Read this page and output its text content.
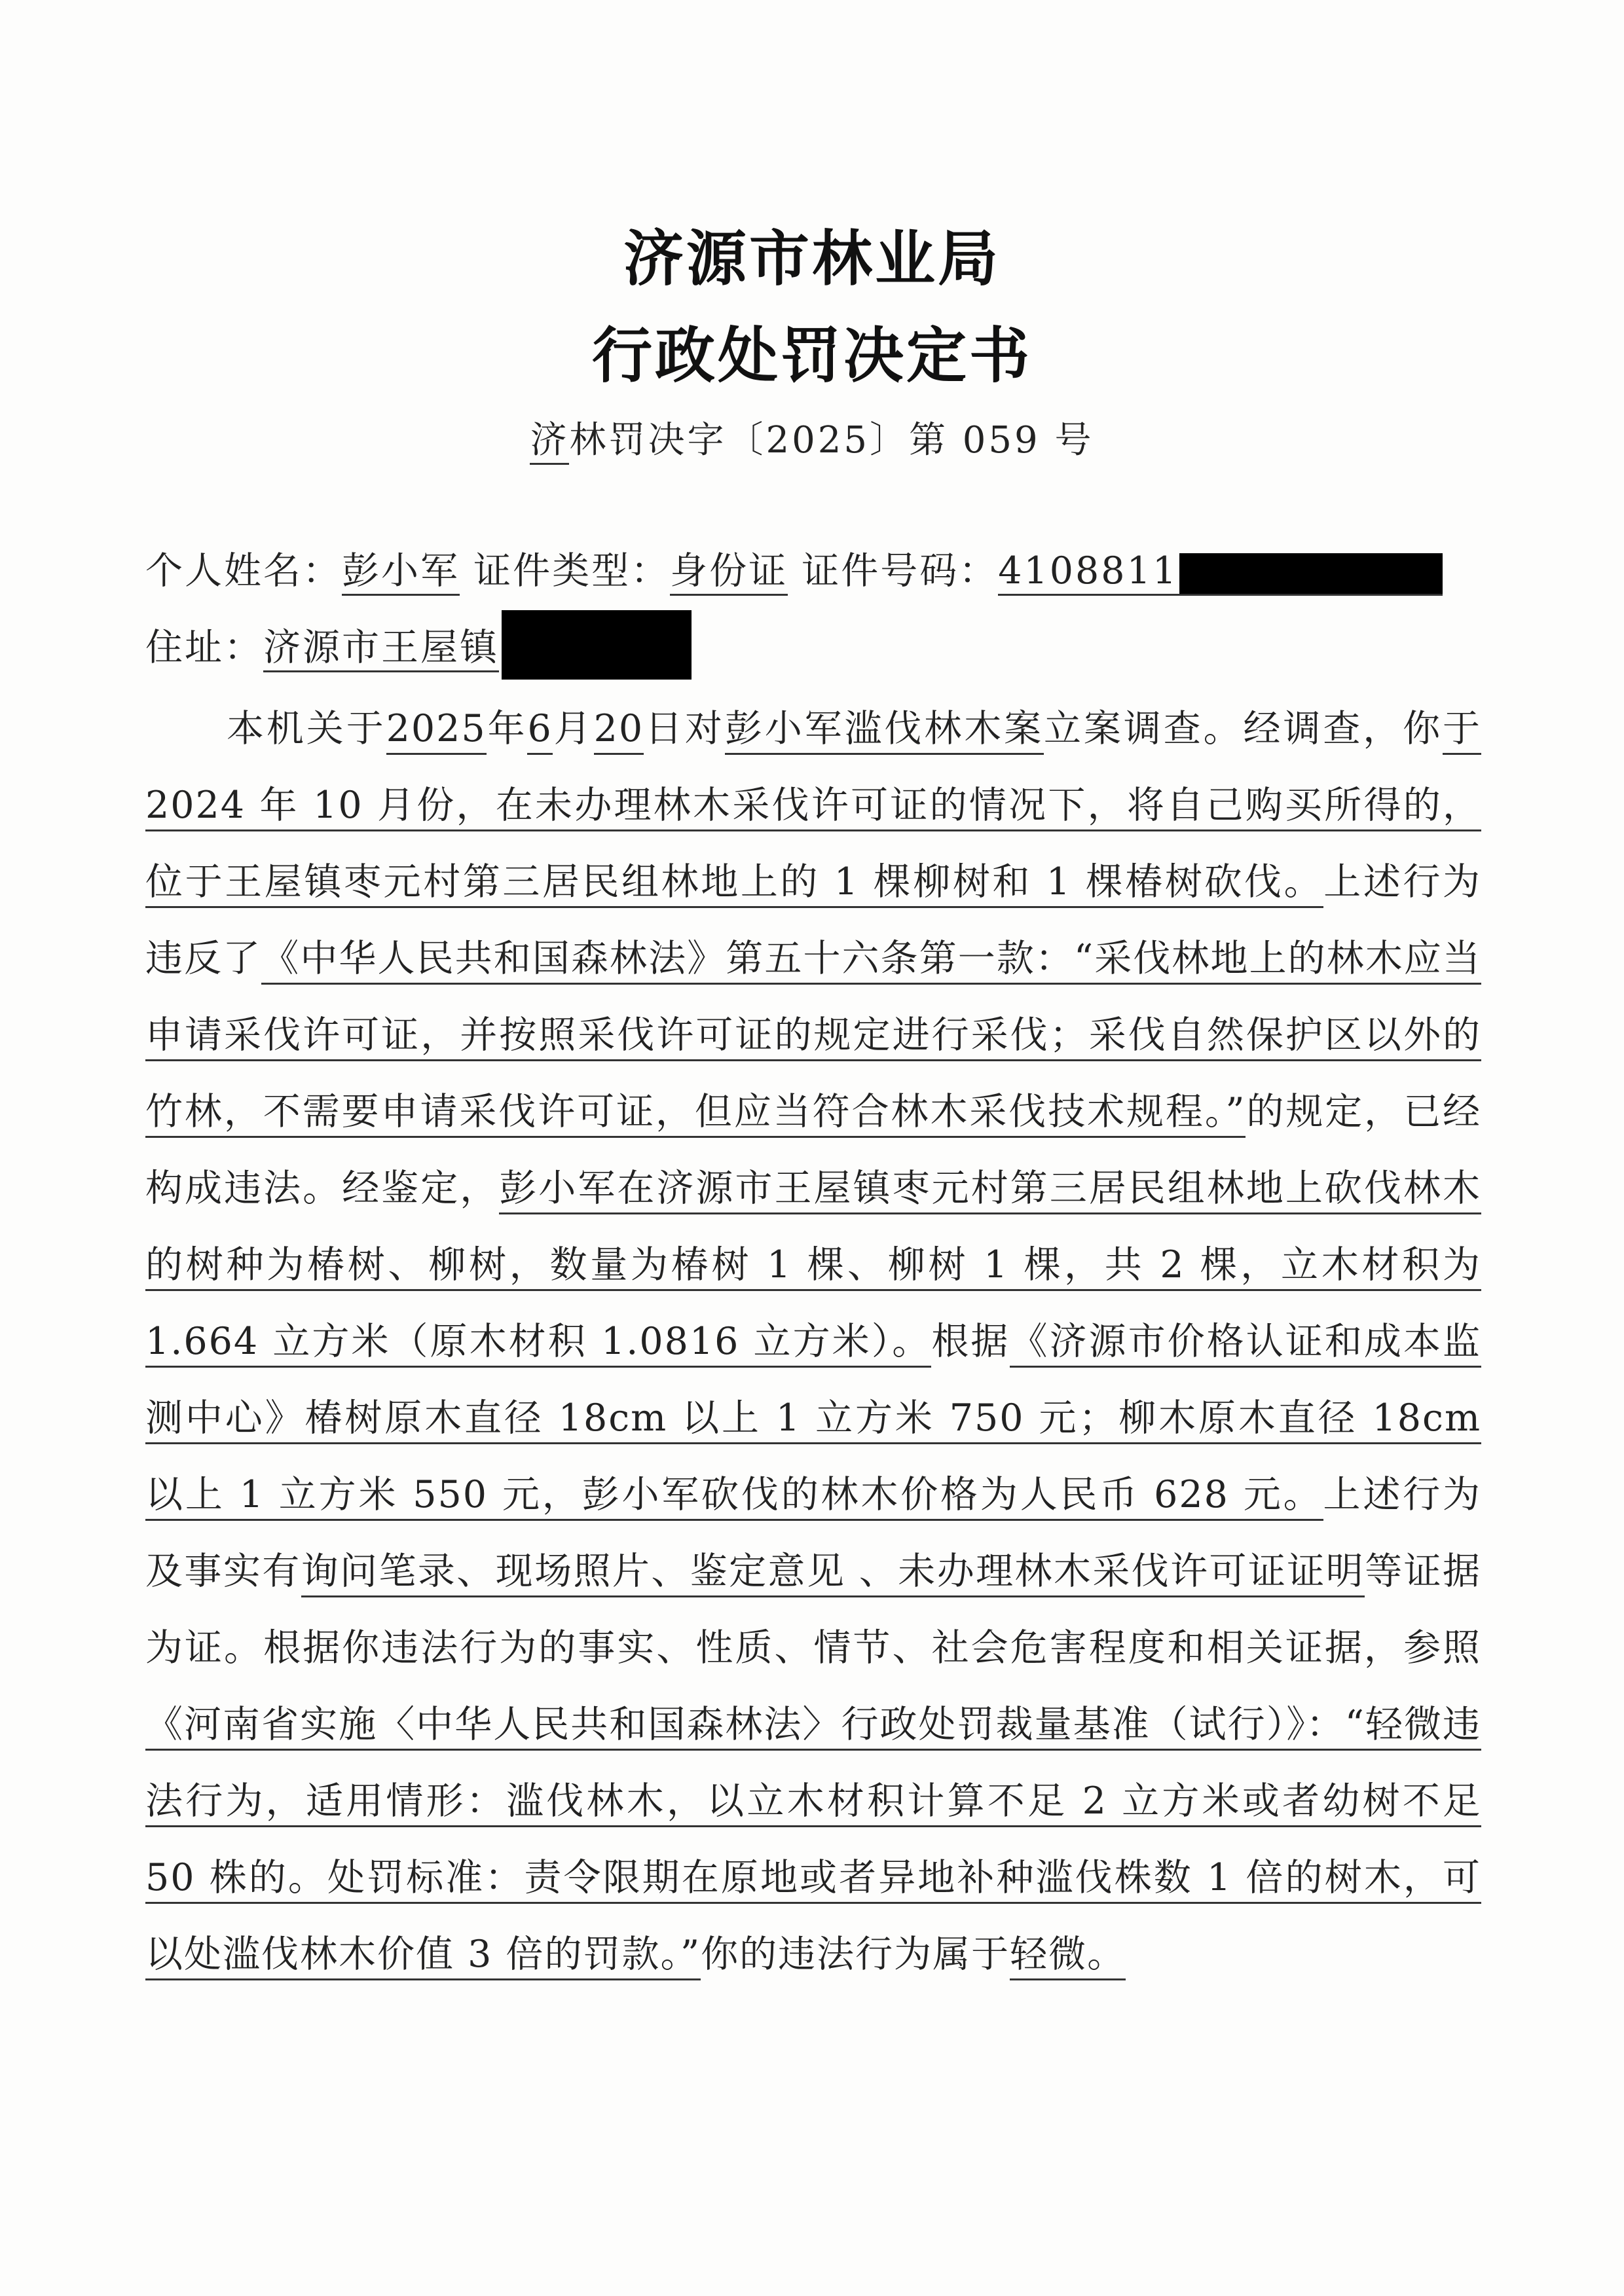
济源市林业局
行政处罚决定书
济林罚决字〔2025〕第 059 号
个人姓名：彭小军 证件类型：身份证 证件号码：4108811
住址：济源市王屋镇

本机关于2025年6月20日对彭小军滥伐林木案立案调查。经调查，你于 2024 年 10 月份，在未办理林木采伐许可证的情况下，将自己购买所得的，位于王屋镇枣元村第三居民组林地上的 1 棵柳树和 1 棵椿树砍伐。上述行为违反了《中华人民共和国森林法》第五十六条第一款：“采伐林地上的林木应当申请采伐许可证，并按照采伐许可证的规定进行采伐；采伐自然保护区以外的竹林，不需要申请采伐许可证，但应当符合林木采伐技术规程。”的规定，已经构成违法。经鉴定，彭小军在济源市王屋镇枣元村第三居民组林地上砍伐林木的树种为椿树、柳树，数量为椿树 1 棵、柳树 1 棵，共 2 棵，立木材积为 1.664 立方米（原木材积 1.0816 立方米）。根据《济源市价格认证和成本监测中心》椿树原木直径 18cm 以上 1 立方米 750 元；柳木原木直径 18cm 以上 1 立方米 550 元，彭小军砍伐的林木价格为人民币 628 元。上述行为及事实有询问笔录、现场照片、鉴定意见 、未办理林木采伐许可证证明等证据为证。根据你违法行为的事实、性质、情节、社会危害程度和相关证据，参照《河南省实施〈中华人民共和国森林法〉行政处罚裁量基准（试行）》：“轻微违法行为，适用情形：滥伐林木，以立木材积计算不足 2 立方米或者幼树不足 50 株的。处罚标准：责令限期在原地或者异地补种滥伐株数 1 倍的树木，可以处滥伐林木价值 3 倍的罚款。”你的违法行为属于轻微。
